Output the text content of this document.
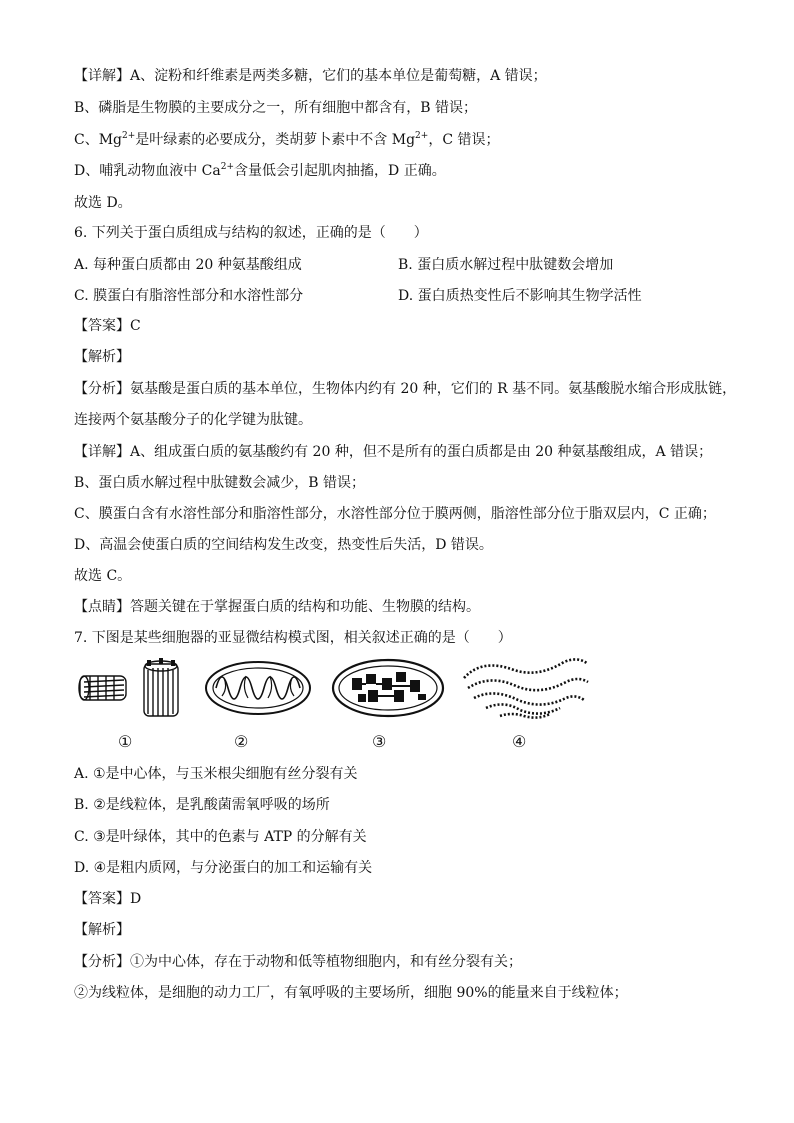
【详解】A、淀粉和纤维素是两类多糖，它们的基本单位是葡萄糖，A 错误；
B、磷脂是生物膜的主要成分之一，所有细胞中都含有，B 错误；
C、$Mg^{2+}$是叶绿素的必要成分，类胡萝卜素中不含 $Mg^{2+}$，C 错误；
D、哺乳动物血液中 $Ca^{2+}$含量低会引起肌肉抽搐，D 正确。
故选 D。
6. 下列关于蛋白质组成与结构的叙述，正确的是（　　）
A. 每种蛋白质都由 20 种氨基酸组成	B. 蛋白质水解过程中肽键数会增加
C. 膜蛋白有脂溶性部分和水溶性部分	D. 蛋白质热变性后不影响其生物学活性
【答案】C
【解析】
【分析】氨基酸是蛋白质的基本单位，生物体内约有 20 种，它们的 R 基不同。氨基酸脱水缩合形成肽链，
连接两个氨基酸分子的化学键为肽键。
【详解】A、组成蛋白质的氨基酸约有 20 种，但不是所有的蛋白质都是由 20 种氨基酸组成，A 错误；
B、蛋白质水解过程中肽键数会减少，B 错误；
C、膜蛋白含有水溶性部分和脂溶性部分，水溶性部分位于膜两侧，脂溶性部分位于脂双层内，C 正确；
D、高温会使蛋白质的空间结构发生改变，热变性后失活，D 错误。
故选 C。
【点睛】答题关键在于掌握蛋白质的结构和功能、生物膜的结构。
7. 下图是某些细胞器的亚显微结构模式图，相关叙述正确的是（　　）
①	②	③	④
A. ①是中心体，与玉米根尖细胞有丝分裂有关
B. ②是线粒体，是乳酸菌需氧呼吸的场所
C. ③是叶绿体，其中的色素与 ATP 的分解有关
D. ④是粗内质网，与分泌蛋白的加工和运输有关
【答案】D
【解析】
【分析】①为中心体，存在于动物和低等植物细胞内，和有丝分裂有关；
②为线粒体，是细胞的动力工厂，有氧呼吸的主要场所，细胞 90%的能量来自于线粒体；
